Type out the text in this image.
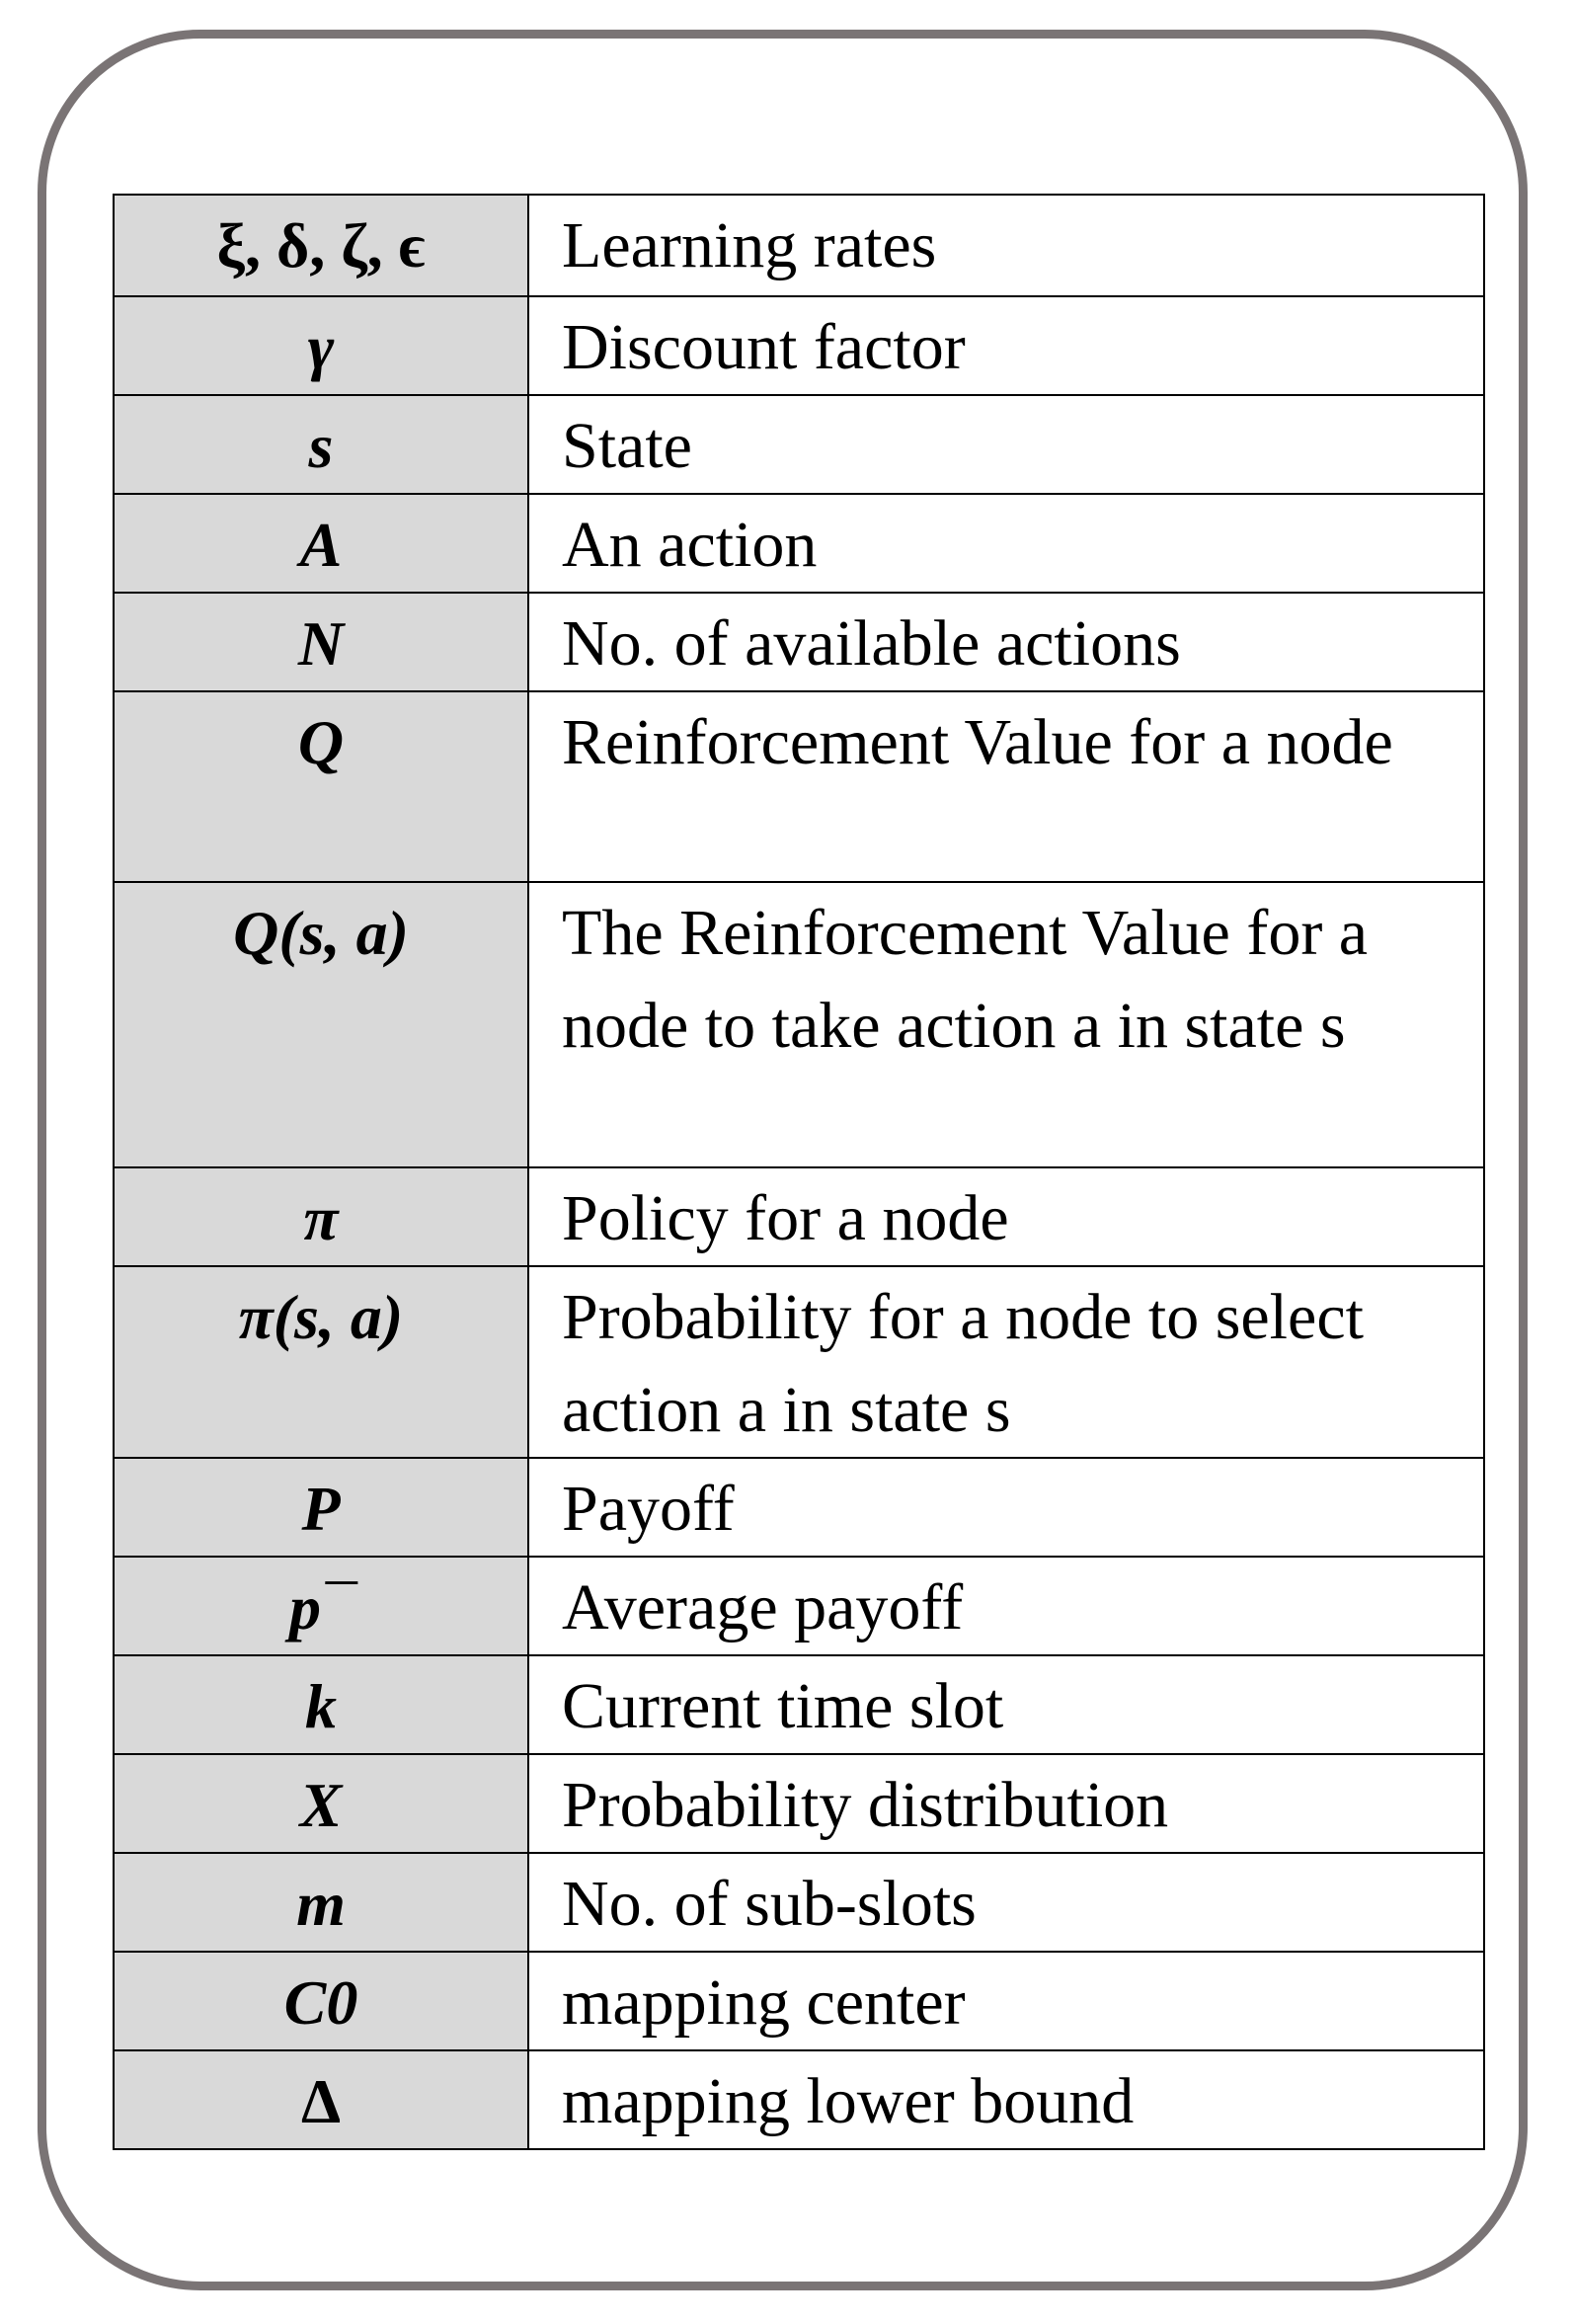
ξ, δ, ζ, ϵ	Learning rates
γ	Discount factor
s	State
A	An action
N	No. of available actions
Q	Reinforcement Value for a node
Q(s, a)	The Reinforcement Value for a node to take action a in state s
π	Policy for a node
π(s, a)	Probability for a node to select action a in state s
P	Payoff
p¯	Average payoff
k	Current time slot
X	Probability distribution
m	No. of sub-slots
C0	mapping center
Δ	mapping lower bound
